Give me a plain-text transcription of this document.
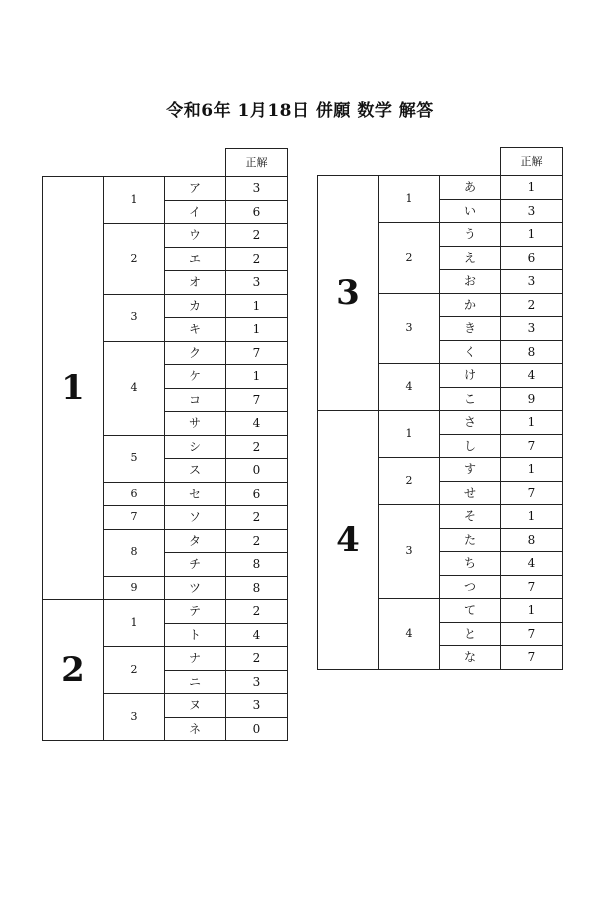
令和6年 1月18日 併願 数学 解答
			正解
1	1	ア	3
		イ	6
	2	ウ	2
		エ	2
		オ	3
	3	カ	1
		キ	1
	4	ク	7
		ケ	1
		コ	7
		サ	4
	5	シ	2
		ス	0
	6	セ	6
	7	ソ	2
	8	タ	2
		チ	8
	9	ツ	8
2	1	テ	2
		ト	4
	2	ナ	2
		ニ	3
	3	ヌ	3
		ネ	0
			正解
3	1	あ	1
		い	3
	2	う	1
		え	6
		お	3
	3	か	2
		き	3
		く	8
	4	け	4
		こ	9
4	1	さ	1
		し	7
	2	す	1
		せ	7
	3	そ	1
		た	8
		ち	4
		つ	7
	4	て	1
		と	7
		な	7
